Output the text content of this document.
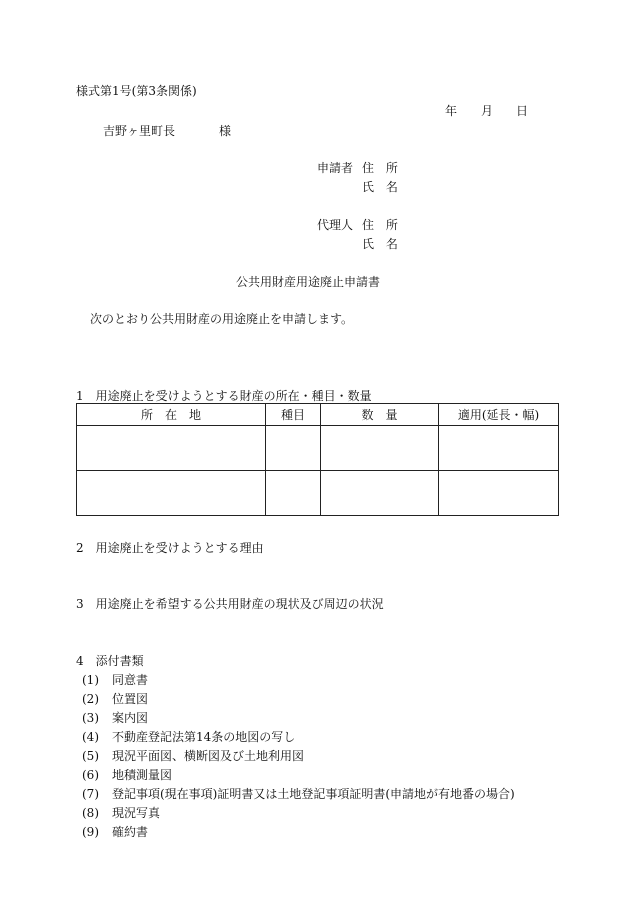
様式第1号(第3条関係)
年 月 日
吉野ヶ里町長	様
申請者 住 所
氏 名
代理人 住 所
氏 名
公共用財産用途廃止申請書
次のとおり公共用財産の用途廃止を申請します。
1　用途廃止を受けようとする財産の所在・種目・数量
所　在　地	種目	数　量	適用(延長・幅)

2　用途廃止を受けようとする理由
3　用途廃止を希望する公共用財産の現状及び周辺の状況
4　添付書類
(1) 同意書
(2) 位置図
(3) 案内図
(4) 不動産登記法第14条の地図の写し
(5) 現況平面図、横断図及び土地利用図
(6) 地積測量図
(7) 登記事項(現在事項)証明書又は土地登記事項証明書(申請地が有地番の場合)
(8) 現況写真
(9) 確約書
